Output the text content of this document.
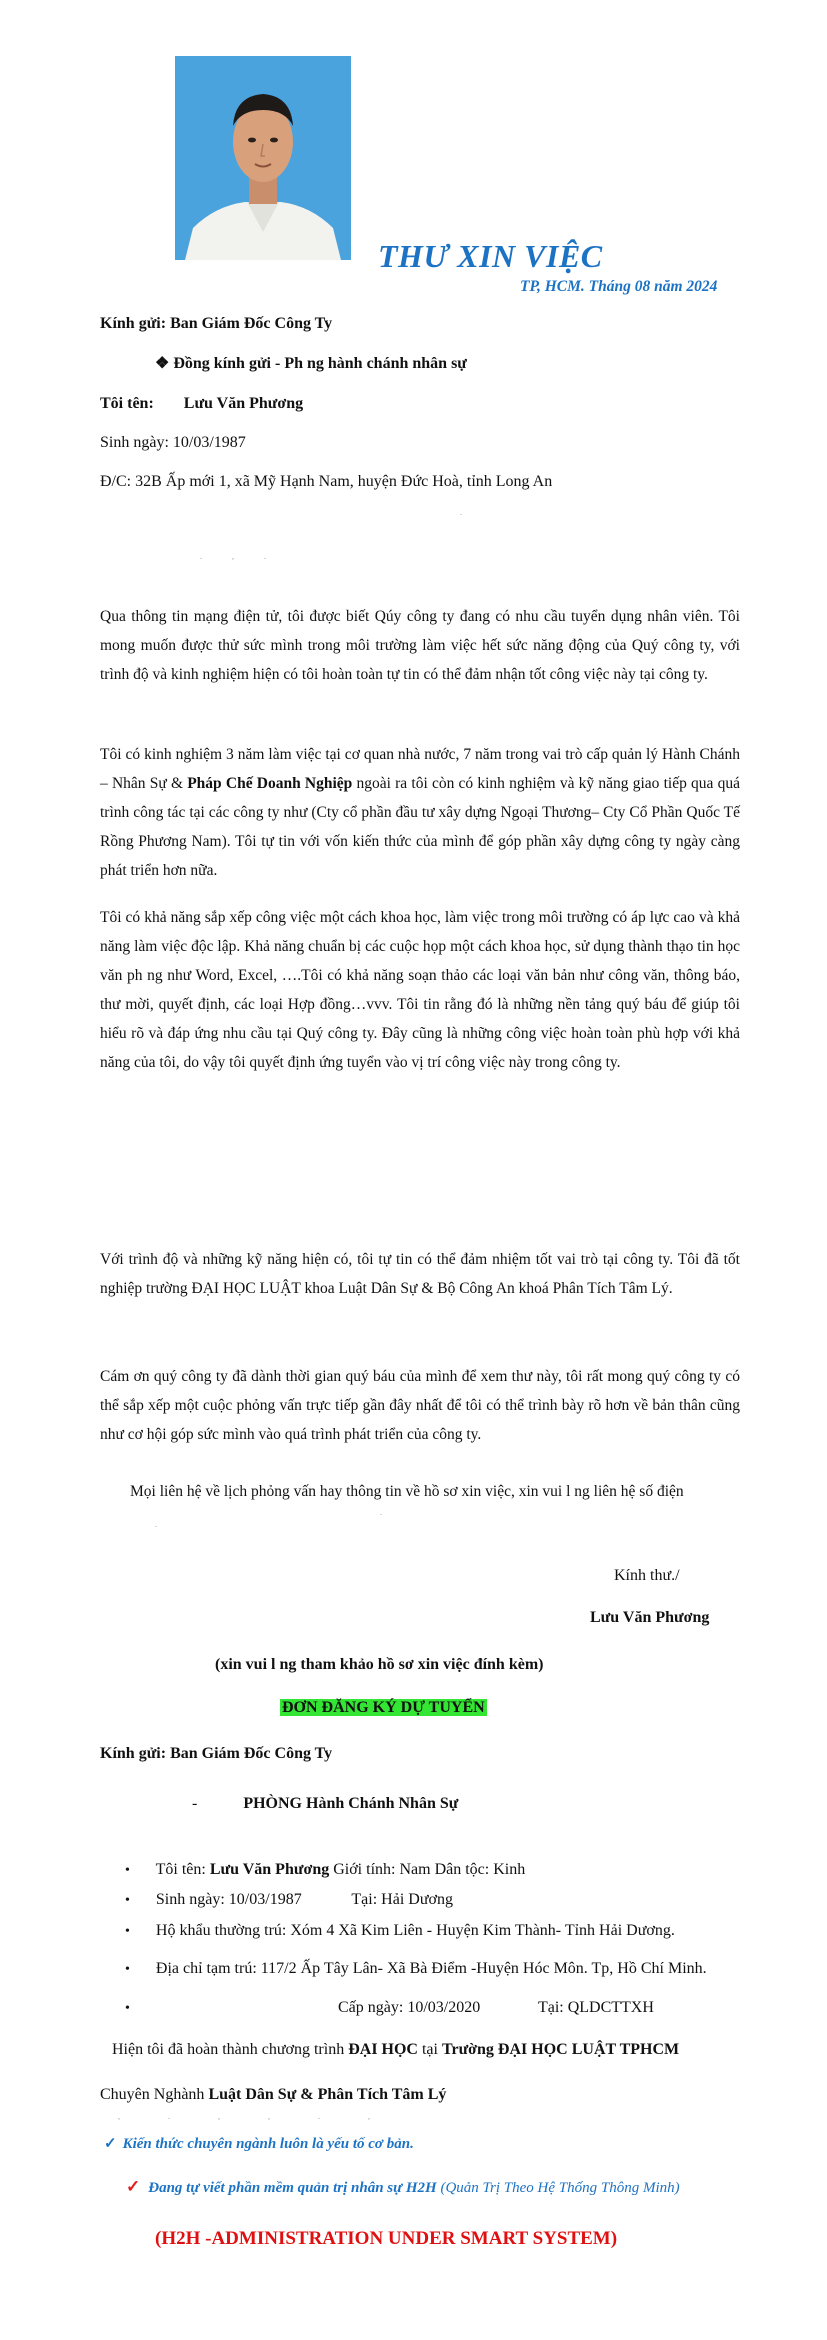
THƯ XIN VIỆC
TP, HCM. Tháng 08 năm 2024
Kính gửi: Ban Giám Đốc Công Ty
❖ Đồng kính gửi - Ph ng hành chánh nhân sự
Tôi tên: Lưu Văn Phương
Sinh ngày: 10/03/1987
Đ/C: 32B Ấp mới 1, xã Mỹ Hạnh Nam, huyện Đức Hoà, tỉnh Long An
.
.,.
Qua thông tin mạng điện tử, tôi được biết Qúy công ty đang có nhu cầu tuyển dụng nhân viên. Tôi mong muốn được thử sức mình trong môi trường làm việc hết sức năng động của Quý công ty, với trình độ và kinh nghiệm hiện có tôi hoàn toàn tự tin có thể đảm nhận tốt công việc này tại công ty.
Tôi có kinh nghiệm 3 năm làm việc tại cơ quan nhà nước, 7 năm trong vai trò cấp quản lý Hành Chánh – Nhân Sự & Pháp Chế Doanh Nghiệp ngoài ra tôi còn có kinh nghiệm và kỹ năng giao tiếp qua quá trình công tác tại các công ty như (Cty cổ phần đầu tư xây dựng Ngoại Thương– Cty Cổ Phần Quốc Tế Rồng Phương Nam). Tôi tự tin với vốn kiến thức của mình để góp phần xây dựng công ty ngày càng phát triển hơn nữa.
Tôi có khả năng sắp xếp công việc một cách khoa học, làm việc trong môi trường có áp lực cao và khả năng làm việc độc lập. Khả năng chuẩn bị các cuộc họp một cách khoa học, sử dụng thành thạo tin học văn ph ng như Word, Excel, ….Tôi có khả năng soạn thảo các loại văn bản như công văn, thông báo, thư mời, quyết định, các loại Hợp đồng…vvv. Tôi tin rằng đó là những nền tảng quý báu để giúp tôi hiểu rõ và đáp ứng nhu cầu tại Quý công ty. Đây cũng là những công việc hoàn toàn phù hợp với khả năng của tôi, do vậy tôi quyết định ứng tuyển vào vị trí công việc này trong công ty.
Với trình độ và những kỹ năng hiện có, tôi tự tin có thể đảm nhiệm tốt vai trò tại công ty. Tôi đã tốt nghiệp trường ĐẠI HỌC LUẬT khoa Luật Dân Sự & Bộ Công An khoá Phân Tích Tâm Lý.
Cám ơn quý công ty đã dành thời gian quý báu của mình để xem thư này, tôi rất mong quý công ty có thể sắp xếp một cuộc phỏng vấn trực tiếp gần đây nhất để tôi có thể trình bày rõ hơn về bản thân cũng như cơ hội góp sức mình vào quá trình phát triển của công ty.
Mọi liên hệ về lịch phỏng vấn hay thông tin về hồ sơ xin việc, xin vui l ng liên hệ số điện
.
.
Kính thư./
Lưu Văn Phương
(xin vui l ng tham khảo hồ sơ xin việc đính kèm)
ĐƠN ĐĂNG KÝ DỰ TUYỂN
Kính gửi: Ban Giám Đốc Công Ty
-	PHÒNG Hành Chánh Nhân Sự
• Tôi tên: Lưu Văn Phương Giới tính: Nam Dân tộc: Kinh
• Sinh ngày: 10/03/1987	Tại: Hải Dương
• Hộ khẩu thường trú: Xóm 4 Xã Kim Liên - Huyện Kim Thành- Tỉnh Hải Dương.
• Địa chỉ tạm trú: 117/2 Ấp Tây Lân- Xã Bà Điểm -Huyện Hóc Môn. Tp, Hồ Chí Minh.
•	Cấp ngày: 10/03/2020	Tại: QLDCTTXH
Hiện tôi đã hoàn thành chương trình ĐẠI HỌC tại Trường ĐẠI HỌC LUẬT TPHCM
Chuyên Nghành Luật Dân Sự & Phân Tích Tâm Lý
,.,,.,
✓ Kiến thức chuyên ngành luôn là yếu tố cơ bản.
✓ Đang tự viết phần mềm quản trị nhân sự H2H (Quản Trị Theo Hệ Thống Thông Minh)
(H2H -ADMINISTRATION UNDER SMART SYSTEM)
